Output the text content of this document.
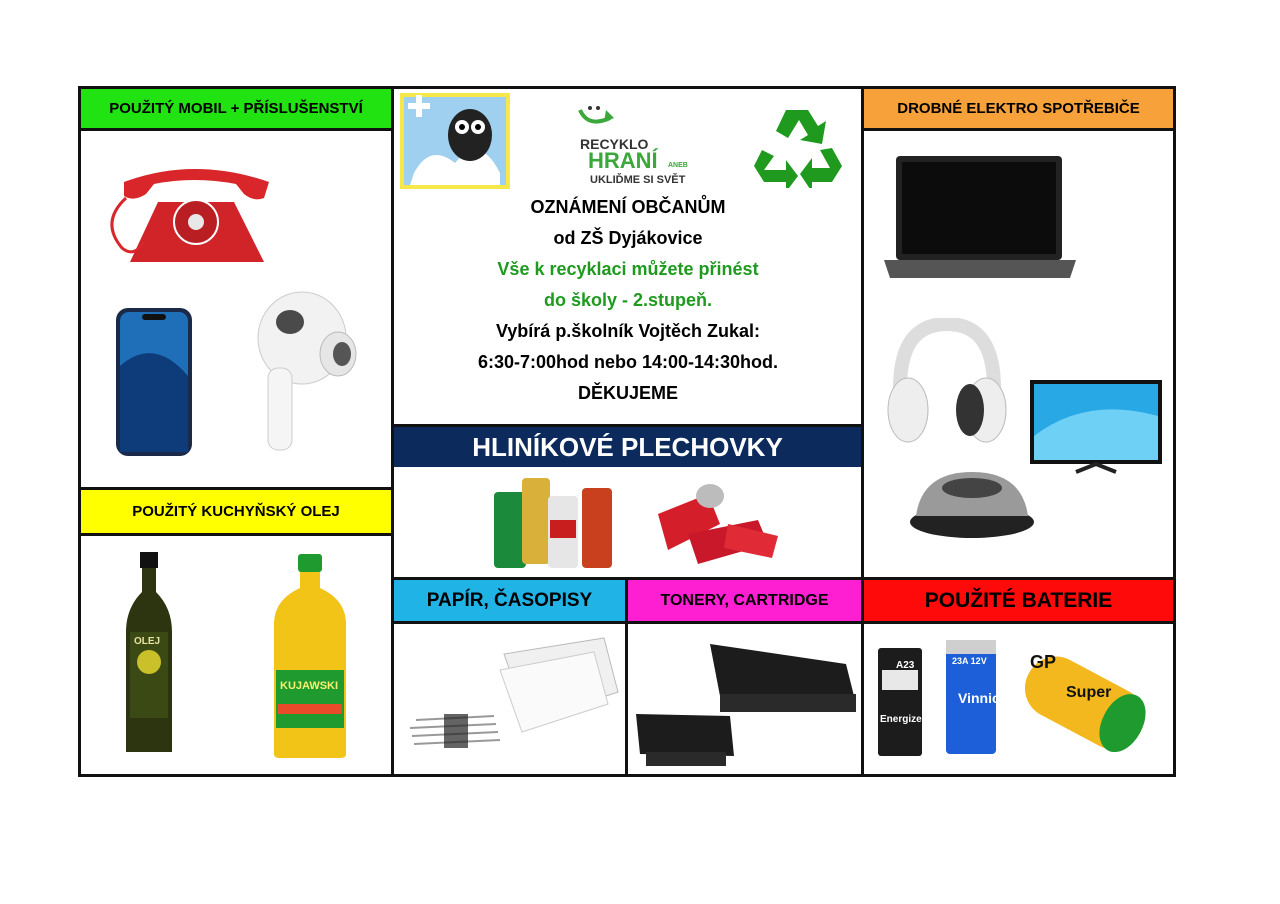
POUŽITÝ MOBIL + PŘÍSLUŠENSTVÍ
POUŽITÝ KUCHYŇSKÝ OLEJ
DROBNÉ ELEKTRO SPOTŘEBIČE
HLINÍKOVÉ PLECHOVKY
PAPÍR, ČASOPISY	TONERY, CARTRIDGE	POUŽITÉ BATERIE
RECYKLO
HRANÍ ANEB
UKLIĎME SI SVĚT
OZNÁMENÍ OBČANŮM
od ZŠ Dyjákovice
Vše k recyklaci můžete přinést
do školy - 2.stupeň.
Vybírá p.školník Vojtěch Zukal:
6:30-7:00hod nebo 14:00-14:30hod.
DĚKUJEME
OLEJ
KUJAWSKI
A23
Energizer
Vinnic
23A 12V GP
Super
